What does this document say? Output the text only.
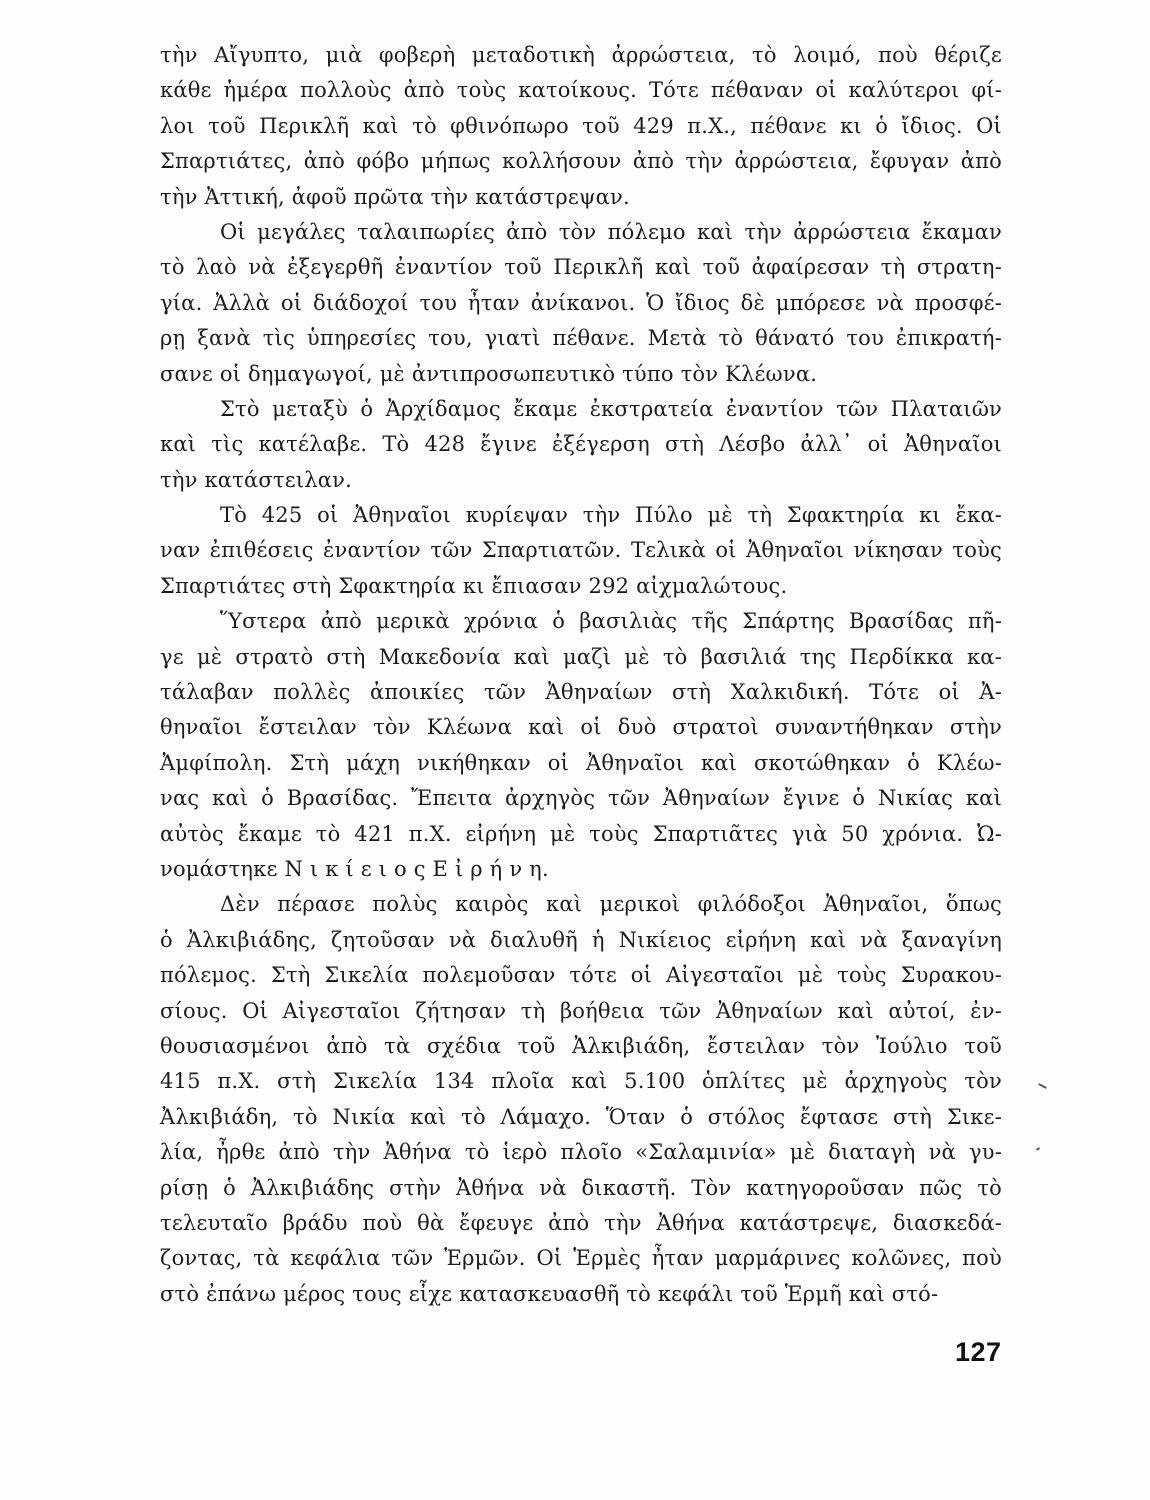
τὴν Αἴγυπτο, μιὰ φοβερὴ μεταδοτικὴ ἀρρώστεια, τὸ λοιμό, ποὺ θέριζε
κάθε ἡμέρα πολλοὺς ἀπὸ τοὺς κατοίκους. Τότε πέθαναν οἱ καλύτεροι φί-
λοι τοῦ Περικλῆ καὶ τὸ φθινόπωρο τοῦ 429 π.Χ., πέθανε κι ὁ ἴδιος. Οἱ
Σπαρτιάτες, ἀπὸ φόβο μήπως κολλήσουν ἀπὸ τὴν ἀρρώστεια, ἔφυγαν ἀπὸ
τὴν Ἀττική, ἀφοῦ πρῶτα τὴν κατάστρεψαν.
Οἱ μεγάλες ταλαιπωρίες ἀπὸ τὸν πόλεμο καὶ τὴν ἀρρώστεια ἔκαμαν
τὸ λαὸ νὰ ἐξεγερθῆ ἐναντίον τοῦ Περικλῆ καὶ τοῦ ἀφαίρεσαν τὴ στρατη-
γία. Ἀλλὰ οἱ διάδοχοί του ἦταν ἀνίκανοι. Ὁ ἴδιος δὲ μπόρεσε νὰ προσφέ-
ρῃ ξανὰ τὶς ὑπηρεσίες του, γιατὶ πέθανε. Μετὰ τὸ θάνατό του ἐπικρατή-
σανε οἱ δημαγωγοί, μὲ ἀντιπροσωπευτικὸ τύπο τὸν Κλέωνα.
Στὸ μεταξὺ ὁ Ἀρχίδαμος ἔκαμε ἐκστρατεία ἐναντίον τῶν Πλαταιῶν
καὶ τὶς κατέλαβε. Τὸ 428 ἔγινε ἐξέγερση στὴ Λέσβο ἀλλ᾽ οἱ Ἀθηναῖοι
τὴν κατάστειλαν.
Τὸ 425 οἱ Ἀθηναῖοι κυρίεψαν τὴν Πύλο μὲ τὴ Σφακτηρία κι ἔκα-
ναν ἐπιθέσεις ἐναντίον τῶν Σπαρτιατῶν. Τελικὰ οἱ Ἀθηναῖοι νίκησαν τοὺς
Σπαρτιάτες στὴ Σφακτηρία κι ἔπιασαν 292 αἰχμαλώτους.
Ὕστερα ἀπὸ μερικὰ χρόνια ὁ βασιλιὰς τῆς Σπάρτης Βρασίδας πῆ-
γε μὲ στρατὸ στὴ Μακεδονία καὶ μαζὶ μὲ τὸ βασιλιά της Περδίκκα κα-
τάλαβαν πολλὲς ἀποικίες τῶν Ἀθηναίων στὴ Χαλκιδική. Τότε οἱ Ἀ-
θηναῖοι ἔστειλαν τὸν Κλέωνα καὶ οἱ δυὸ στρατοὶ συναντήθηκαν στὴν
Ἀμφίπολη. Στὴ μάχη νικήθηκαν οἱ Ἀθηναῖοι καὶ σκοτώθηκαν ὁ Κλέω-
νας καὶ ὁ Βρασίδας. Ἔπειτα ἀρχηγὸς τῶν Ἀθηναίων ἔγινε ὁ Νικίας καὶ
αὐτὸς ἔκαμε τὸ 421 π.Χ. εἰρήνη μὲ τοὺς Σπαρτιᾶτες γιὰ 50 χρόνια. Ὠ-
νομάστηκε Ν ι κ ί ε ι ο ς Ε ἰ ρ ή ν η.
Δὲν πέρασε πολὺς καιρὸς καὶ μερικοὶ φιλόδοξοι Ἀθηναῖοι, ὅπως
ὁ Ἀλκιβιάδης, ζητοῦσαν νὰ διαλυθῆ ἡ Νικίειος εἰρήνη καὶ νὰ ξαναγίνη
πόλεμος. Στὴ Σικελία πολεμοῦσαν τότε οἱ Αἰγεσταῖοι μὲ τοὺς Συρακου-
σίους. Οἱ Αἰγεσταῖοι ζήτησαν τὴ βοήθεια τῶν Ἀθηναίων καὶ αὐτοί, ἐν-
θουσιασμένοι ἀπὸ τὰ σχέδια τοῦ Ἀλκιβιάδη, ἔστειλαν τὸν Ἰούλιο τοῦ
415 π.Χ. στὴ Σικελία 134 πλοῖα καὶ 5.100 ὁπλίτες μὲ ἀρχηγοὺς τὸν
Ἀλκιβιάδη, τὸ Νικία καὶ τὸ Λάμαχο. Ὅταν ὁ στόλος ἔφτασε στὴ Σικε-
λία, ἦρθε ἀπὸ τὴν Ἀθήνα τὸ ἱερὸ πλοῖο «Σαλαμινία» μὲ διαταγὴ νὰ γυ-
ρίσῃ ὁ Ἀλκιβιάδης στὴν Ἀθήνα νὰ δικαστῆ. Τὸν κατηγοροῦσαν πῶς τὸ
τελευταῖο βράδυ ποὺ θὰ ἔφευγε ἀπὸ τὴν Ἀθήνα κατάστρεψε, διασκεδά-
ζοντας, τὰ κεφάλια τῶν Ἑρμῶν. Οἱ Ἑρμὲς ἦταν μαρμάρινες κολῶνες, ποὺ
στὸ ἐπάνω μέρος τους εἶχε κατασκευασθῆ τὸ κεφάλι τοῦ Ἑρμῆ καὶ στό-
127
